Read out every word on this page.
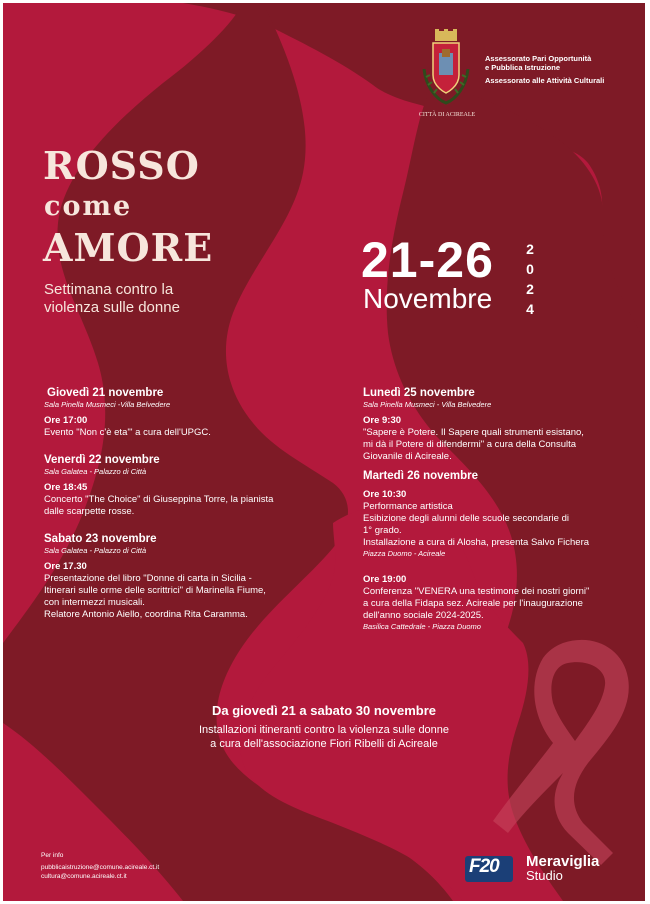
CITTÀ DI ACIREALE
Assessorato Pari Opportunità
e Pubblica Istruzione
Assessorato alle Attività Culturali
ROSSO
come
AMORE
Settimana contro la
violenza sulle donne
21-26
Novembre
2
0
2
4
Giovedì 21 novembre
Sala Pinella Musmeci -Villa Belvedere
Ore 17:00
Evento "Non c'è eta'" a cura dell'UPGC.
Venerdì 22 novembre
Sala Galatea - Palazzo di Città
Ore 18:45
Concerto "The Choice" di Giuseppina Torre, la pianista
dalle scarpette rosse.
Sabato 23 novembre
Sala Galatea - Palazzo di Città
Ore 17.30
Presentazione del libro "Donne di carta in Sicilia -
Itinerari sulle orme delle scrittrici" di Marinella Fiume,
con intermezzi musicali.
Relatore Antonio Aiello, coordina Rita Caramma.
Lunedì 25 novembre
Sala Pinella Musmeci - Villa Belvedere
Ore 9:30
"Sapere è Potere. Il Sapere quali strumenti esistano,
mi dà il Potere di difendermi" a cura della Consulta
Giovanile di Acireale.
Martedì 26 novembre
Ore 10:30
Performance artistica
Esibizione degli alunni delle scuole secondarie di
1° grado.
Installazione a cura di Alosha, presenta Salvo Fichera
Piazza Duomo - Acireale
Ore 19:00
Conferenza "VENERA una testimone dei nostri giorni"
a cura della Fidapa sez. Acireale per l'inaugurazione
dell'anno sociale 2024-2025.
Basilica Cattedrale - Piazza Duomo
Da giovedì 21 a sabato 30 novembre
Installazioni itineranti contro la violenza sulle donne
a cura dell'associazione Fiori Ribelli di Acireale
Per info
pubblicaistruzione@comune.acireale.ct.it
cultura@comune.acireale.ct.it	F20 Meraviglia
Studio
